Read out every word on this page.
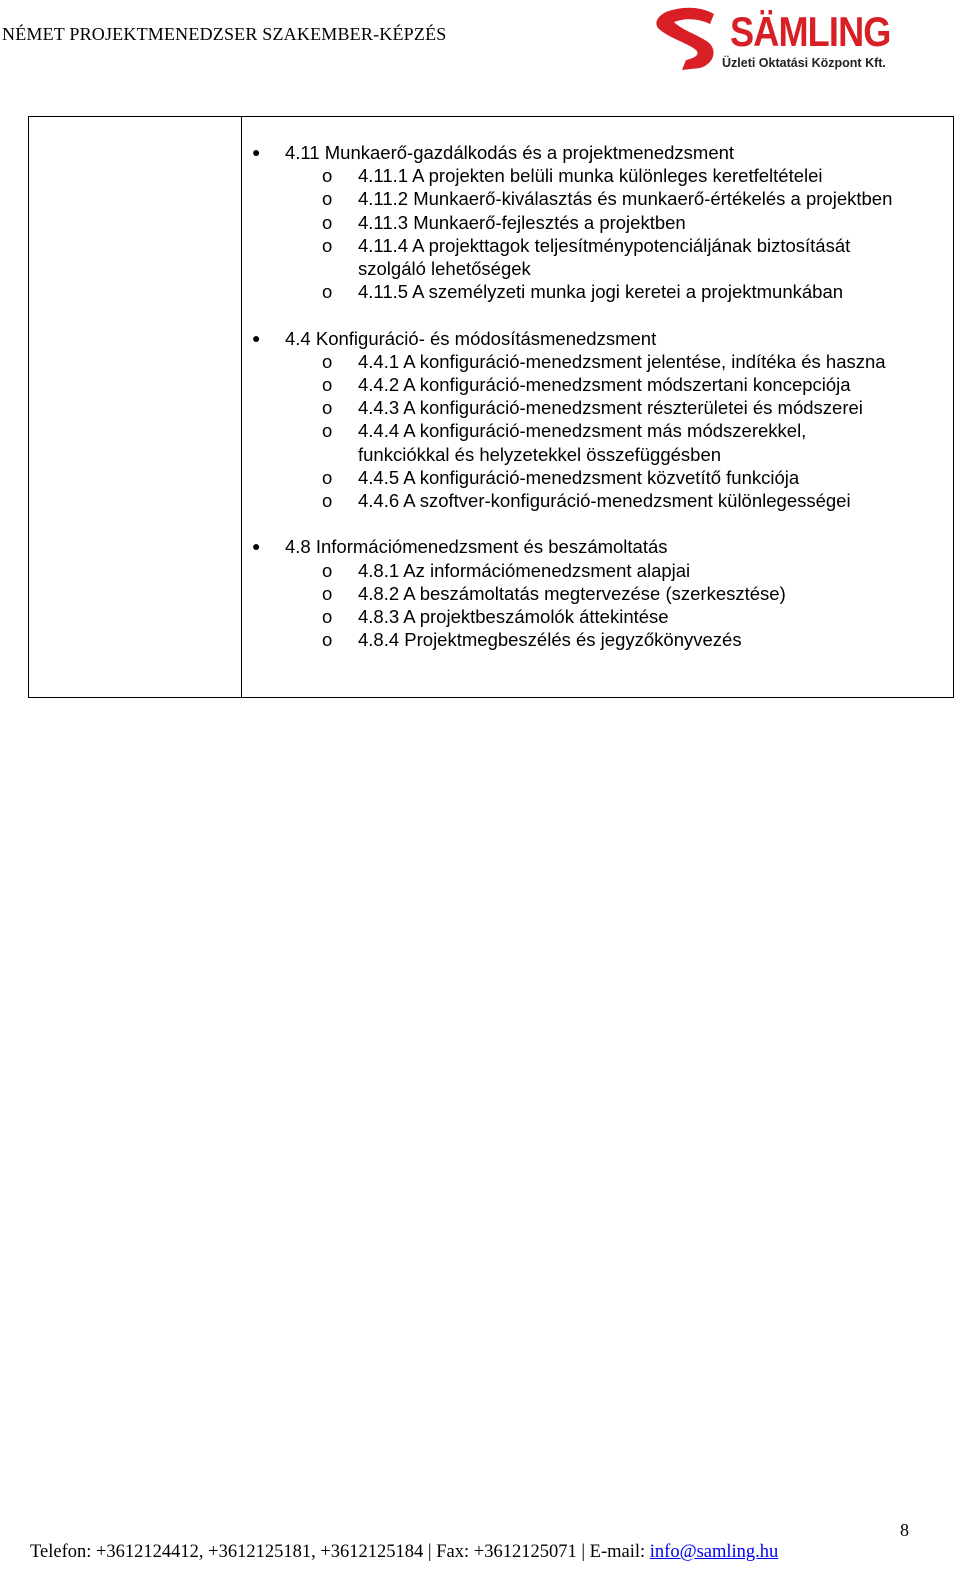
NÉMET PROJEKTMENEDZSER SZAKEMBER-KÉPZÉS	SÄMLING
Üzleti Oktatási Központ Kft.
● 4.11 Munkaerő-gazdálkodás és a projektmenedzsment
o 4.11.1 A projekten belüli munka különleges keretfeltételei
o 4.11.2 Munkaerő-kiválasztás és munkaerő-értékelés a projektben
o 4.11.3 Munkaerő-fejlesztés a projektben
o 4.11.4 A projekttagok teljesítménypotenciáljának biztosítását
szolgáló lehetőségek
o 4.11.5 A személyzeti munka jogi keretei a projektmunkában
● 4.4 Konfiguráció- és módosításmenedzsment
o 4.4.1 A konfiguráció-menedzsment jelentése, indítéka és haszna
o 4.4.2 A konfiguráció-menedzsment módszertani koncepciója
o 4.4.3 A konfiguráció-menedzsment részterületei és módszerei
o 4.4.4 A konfiguráció-menedzsment más módszerekkel,
funkciókkal és helyzetekkel összefüggésben
o 4.4.5 A konfiguráció-menedzsment közvetítő funkciója
o 4.4.6 A szoftver-konfiguráció-menedzsment különlegességei
● 4.8 Információmenedzsment és beszámoltatás
o 4.8.1 Az információmenedzsment alapjai
o 4.8.2 A beszámoltatás megtervezése (szerkesztése)
o 4.8.3 A projektbeszámolók áttekintése
o 4.8.4 Projektmegbeszélés és jegyzőkönyvezés
8
Telefon: +3612124412, +3612125181, +3612125184 | Fax: +3612125071 | E-mail: info@samling.hu
